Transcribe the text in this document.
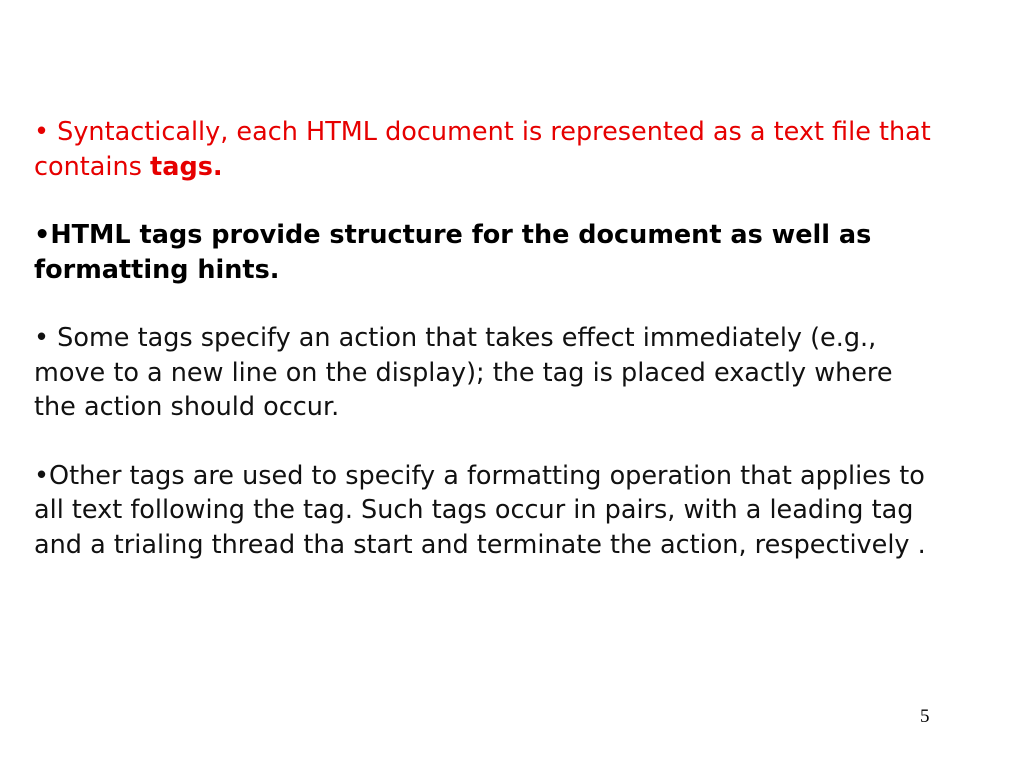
• Syntactically, each HTML document is represented as a text file that contains tags.

•HTML tags provide structure for the document as well as formatting hints.

• Some tags specify an action that takes effect immediately (e.g., move to a new line on the display); the tag is placed exactly where the action should occur.

•Other tags are used to specify a formatting operation that applies to all text following the tag. Such tags occur in pairs, with a leading tag and a trialing thread tha start and terminate the action, respectively .

5
